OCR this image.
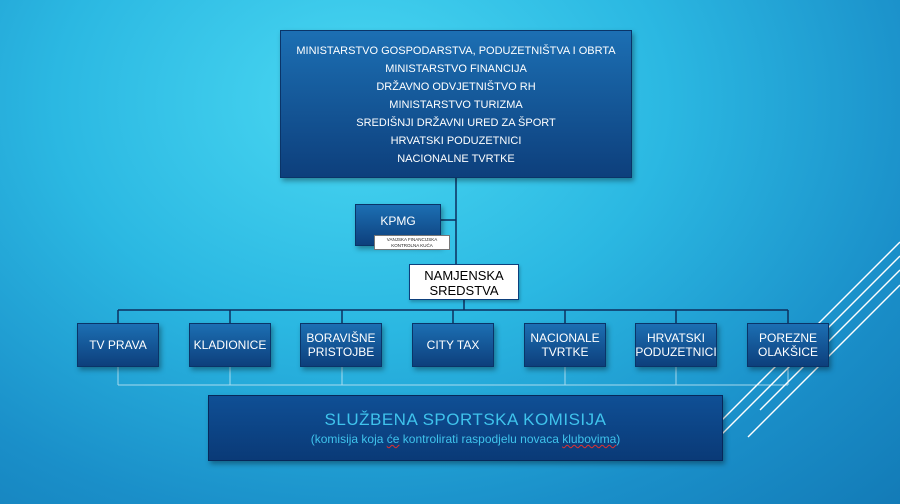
MINISTARSTVO GOSPODARSTVA, PODUZETNIŠTVA I OBRTA
MINISTARSTVO FINANCIJA
DRŽAVNO ODVJETNIŠTVO RH
MINISTARSTVO TURIZMA
SREDIŠNJI DRŽAVNI URED ZA ŠPORT
HRVATSKI PODUZETNICI
NACIONALNE TVRTKE
KPMG
VANJSKA FINANCIJSKA
KONTROLNA KUĆA
NAMJENSKA
SREDSTVA
TV PRAVA	KLADIONICE	BORAVIŠNE
PRISTOJBE	CITY TAX	NACIONALE
TVRTKE
HRVATSKI
PODUZETNICI
POREZNE
OLAKŠICE
SLUŽBENA SPORTSKA KOMISIJA
(komisija koja će kontrolirati raspodjelu novaca klubovima)
